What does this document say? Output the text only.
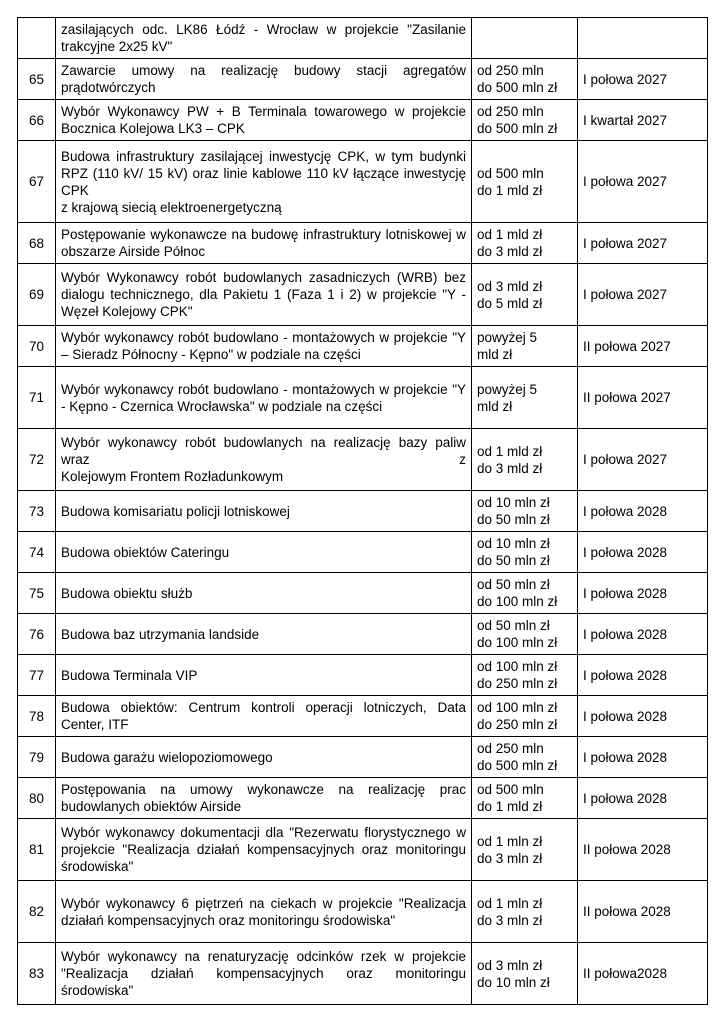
	zasilających odc. LK86 Łódź - Wrocław w projekcie "Zasilanie trakcyjne 2x25 kV"		

65	Zawarcie umowy na realizację budowy stacji agregatów prądotwórczych	od 250 mln
do 500 mln zł	I połowa 2027
66	Wybór Wykonawcy PW + B Terminala towarowego w projekcie Bocznica Kolejowa LK3 – CPK	od 250 mln
do 500 mln zł	I kwartał 2027
67	Budowa infrastruktury zasilającej inwestycję CPK, w tym budynki RPZ (110 kV/ 15 kV) oraz linie kablowe 110 kV łączące inwestycję CPK
z krajową siecią elektroenergetyczną	od 500 mln
do 1 mld zł	I połowa 2027
68	Postępowanie wykonawcze na budowę infrastruktury lotniskowej w obszarze Airside Północ	od 1 mld zł
do 3 mld zł	I połowa 2027
69	Wybór Wykonawcy robót budowlanych zasadniczych (WRB) bez dialogu technicznego, dla Pakietu 1 (Faza 1 i 2) w projekcie "Y - Węzeł Kolejowy CPK"	od 3 mld zł
do 5 mld zł	I połowa 2027
70	Wybór wykonawcy robót budowlano - montażowych w projekcie "Y – Sieradz Północny - Kępno" w podziale na części	powyżej 5
mld zł	II połowa 2027
71	Wybór wykonawcy robót budowlano - montażowych w projekcie "Y - Kępno - Czernica Wrocławska" w podziale na części	powyżej 5
mld zł	II połowa 2027
72	Wybór wykonawcy robót budowlanych na realizację bazy paliw wraz z
Kolejowym Frontem Rozładunkowym	od 1 mld zł
do 3 mld zł	I połowa 2027
73	Budowa komisariatu policji lotniskowej	od 10 mln zł
do 50 mln zł	I połowa 2028
74	Budowa obiektów Cateringu	od 10 mln zł
do 50 mln zł	I połowa 2028
75	Budowa obiektu służb	od 50 mln zł
do 100 mln zł	I połowa 2028
76	Budowa baz utrzymania landside	od 50 mln zł
do 100 mln zł	I połowa 2028
77	Budowa Terminala VIP	od 100 mln zł
do 250 mln zł	I połowa 2028
78	Budowa obiektów: Centrum kontroli operacji lotniczych, Data Center, ITF	od 100 mln zł
do 250 mln zł	I połowa 2028
79	Budowa garażu wielopoziomowego	od 250 mln
do 500 mln zł	I połowa 2028
80	Postępowania na umowy wykonawcze na realizację prac budowlanych obiektów Airside	od 500 mln
do 1 mld zł	I połowa 2028
81	Wybór wykonawcy dokumentacji dla "Rezerwatu florystycznego w projekcie "Realizacja działań kompensacyjnych oraz monitoringu środowiska"	od 1 mln zł
do 3 mln zł	II połowa 2028
82	Wybór wykonawcy 6 piętrzeń na ciekach w projekcie "Realizacja działań kompensacyjnych oraz monitoringu środowiska"	od 1 mln zł
do 3 mln zł	II połowa 2028
83	Wybór wykonawcy na renaturyzację odcinków rzek w projekcie "Realizacja działań kompensacyjnych oraz monitoringu środowiska"	od 3 mln zł
do 10 mln zł	II połowa2028
